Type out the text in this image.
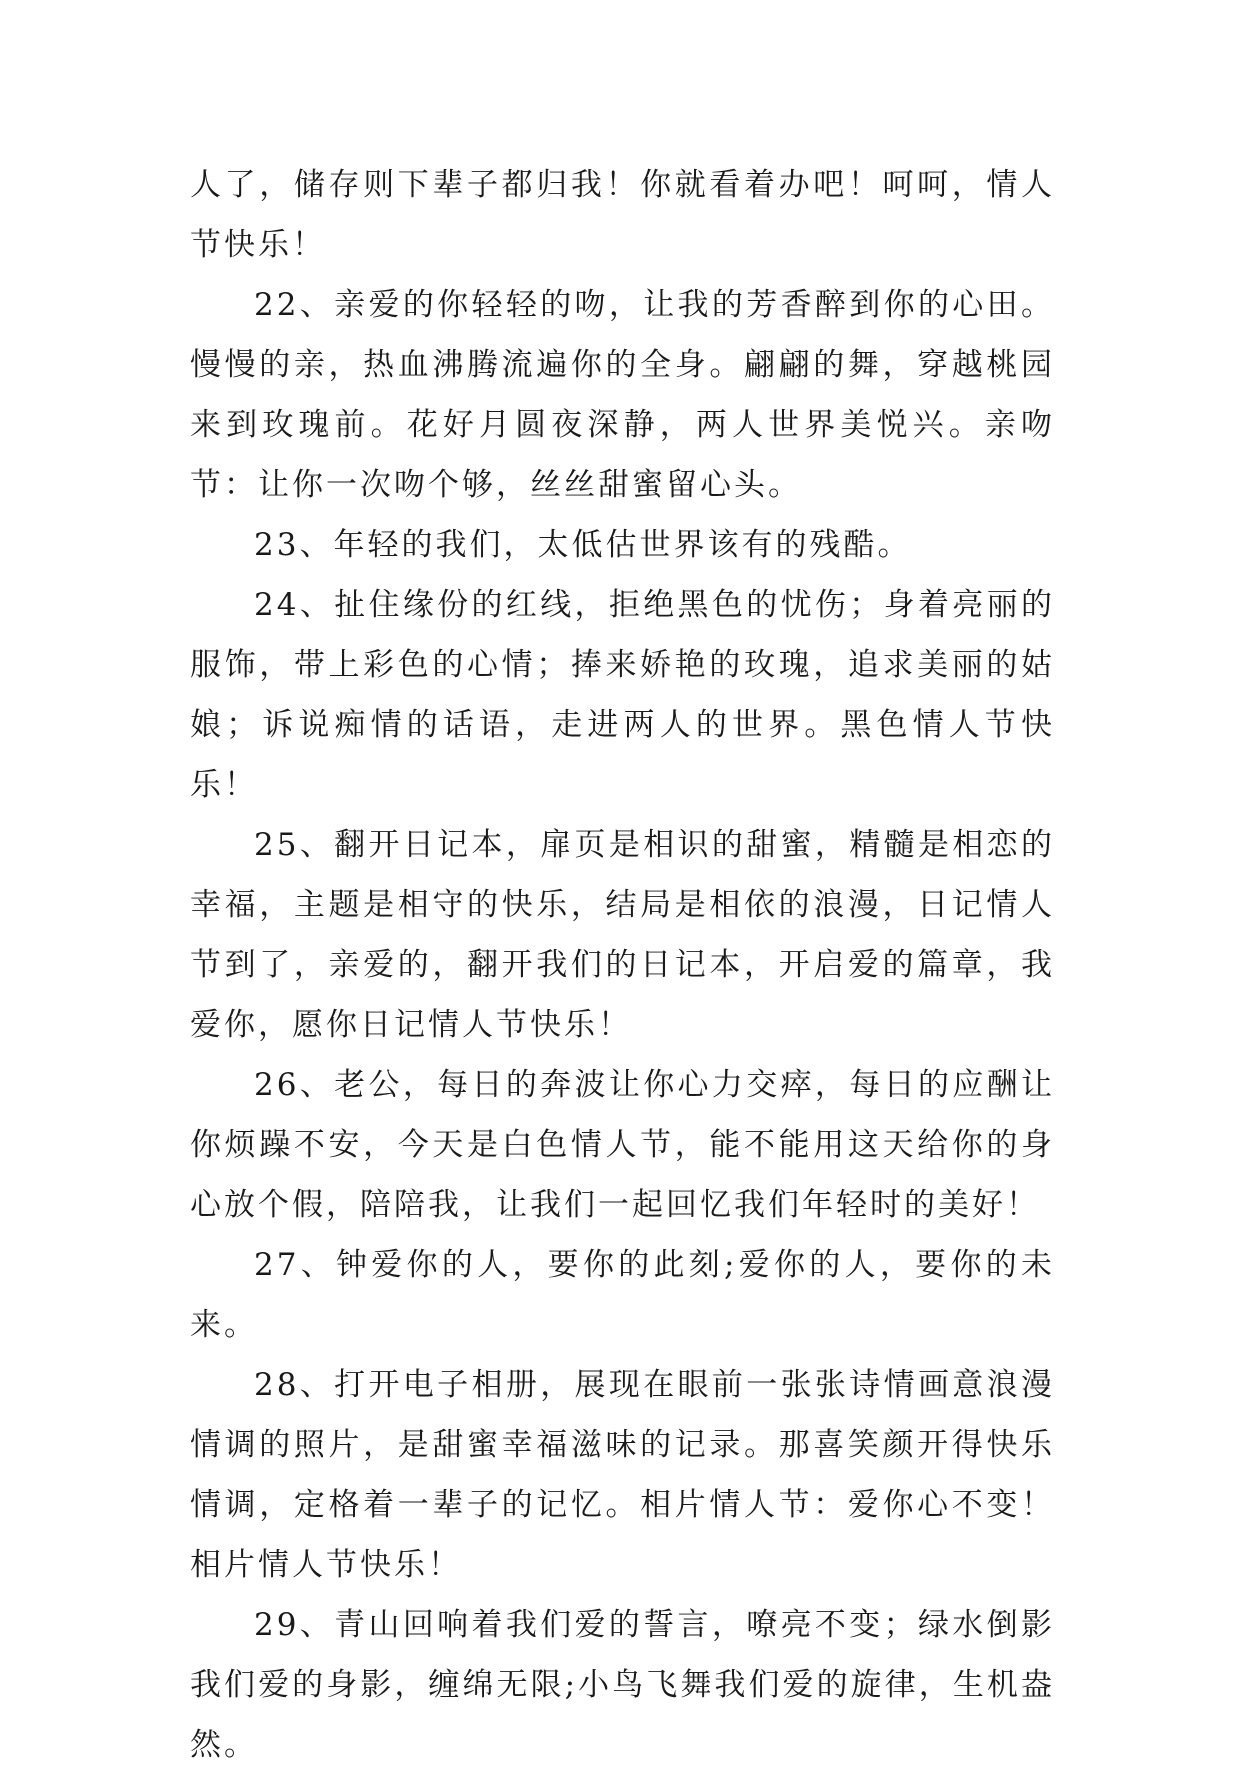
人了，储存则下辈子都归我！你就看着办吧！呵呵，情人节快乐！

22、亲爱的你轻轻的吻，让我的芳香醉到你的心田。慢慢的亲，热血沸腾流遍你的全身。翩翩的舞，穿越桃园来到玫瑰前。花好月圆夜深静，两人世界美悦兴。亲吻节：让你一次吻个够，丝丝甜蜜留心头。

23、年轻的我们，太低估世界该有的残酷。

24、扯住缘份的红线，拒绝黑色的忧伤；身着亮丽的服饰，带上彩色的心情；捧来娇艳的玫瑰，追求美丽的姑娘；诉说痴情的话语，走进两人的世界。黑色情人节快乐！

25、翻开日记本，扉页是相识的甜蜜，精髓是相恋的幸福，主题是相守的快乐，结局是相依的浪漫，日记情人节到了，亲爱的，翻开我们的日记本，开启爱的篇章，我爱你，愿你日记情人节快乐！

26、老公，每日的奔波让你心力交瘁，每日的应酬让你烦躁不安，今天是白色情人节，能不能用这天给你的身心放个假，陪陪我，让我们一起回忆我们年轻时的美好！

27、钟爱你的人，要你的此刻;爱你的人，要你的未来。

28、打开电子相册，展现在眼前一张张诗情画意浪漫情调的照片，是甜蜜幸福滋味的记录。那喜笑颜开得快乐情调，定格着一辈子的记忆。相片情人节：爱你心不变！相片情人节快乐！

29、青山回响着我们爱的誓言，嘹亮不变；绿水倒影我们爱的身影，缠绵无限;小鸟飞舞我们爱的旋律，生机盎然。
